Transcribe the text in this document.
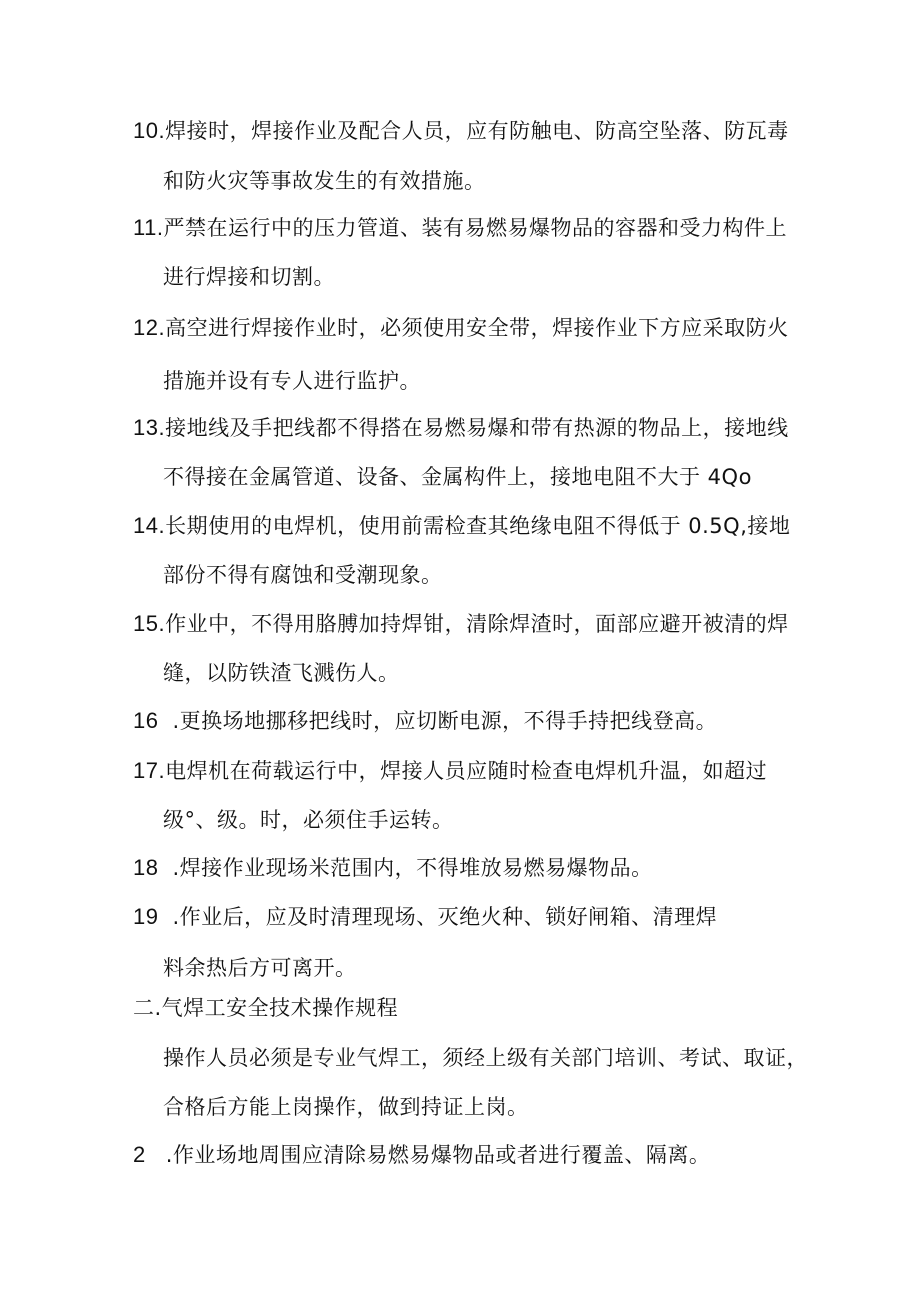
10.焊接时，焊接作业及配合人员，应有防触电、防高空坠落、防瓦毒
和防火灾等事故发生的有效措施。
11.严禁在运行中的压力管道、装有易燃易爆物品的容器和受力构件上
进行焊接和切割。
12.高空进行焊接作业时，必须使用安全带，焊接作业下方应采取防火
措施并设有专人进行监护。
13.接地线及手把线都不得搭在易燃易爆和带有热源的物品上，接地线
不得接在金属管道、设备、金属构件上，接地电阻不大于 4Qo
14.长期使用的电焊机，使用前需检查其绝缘电阻不得低于 0.5Q,接地
部份不得有腐蚀和受潮现象。
15.作业中，不得用胳膊加持焊钳，清除焊渣时，面部应避开被清的焊
缝，以防铁渣飞溅伤人。
16 .更换场地挪移把线时，应切断电源，不得手持把线登高。
17.电焊机在荷载运行中，焊接人员应随时检查电焊机升温，如超过
级°、级。时，必须住手运转。
18 .焊接作业现场米范围内，不得堆放易燃易爆物品。
19 .作业后，应及时清理现场、灭绝火种、锁好闸箱、清理焊
料余热后方可离开。
二.气焊工安全技术操作规程
操作人员必须是专业气焊工，须经上级有关部门培训、考试、取证，
合格后方能上岗操作，做到持证上岗。
2 .作业场地周围应清除易燃易爆物品或者进行覆盖、隔离。
